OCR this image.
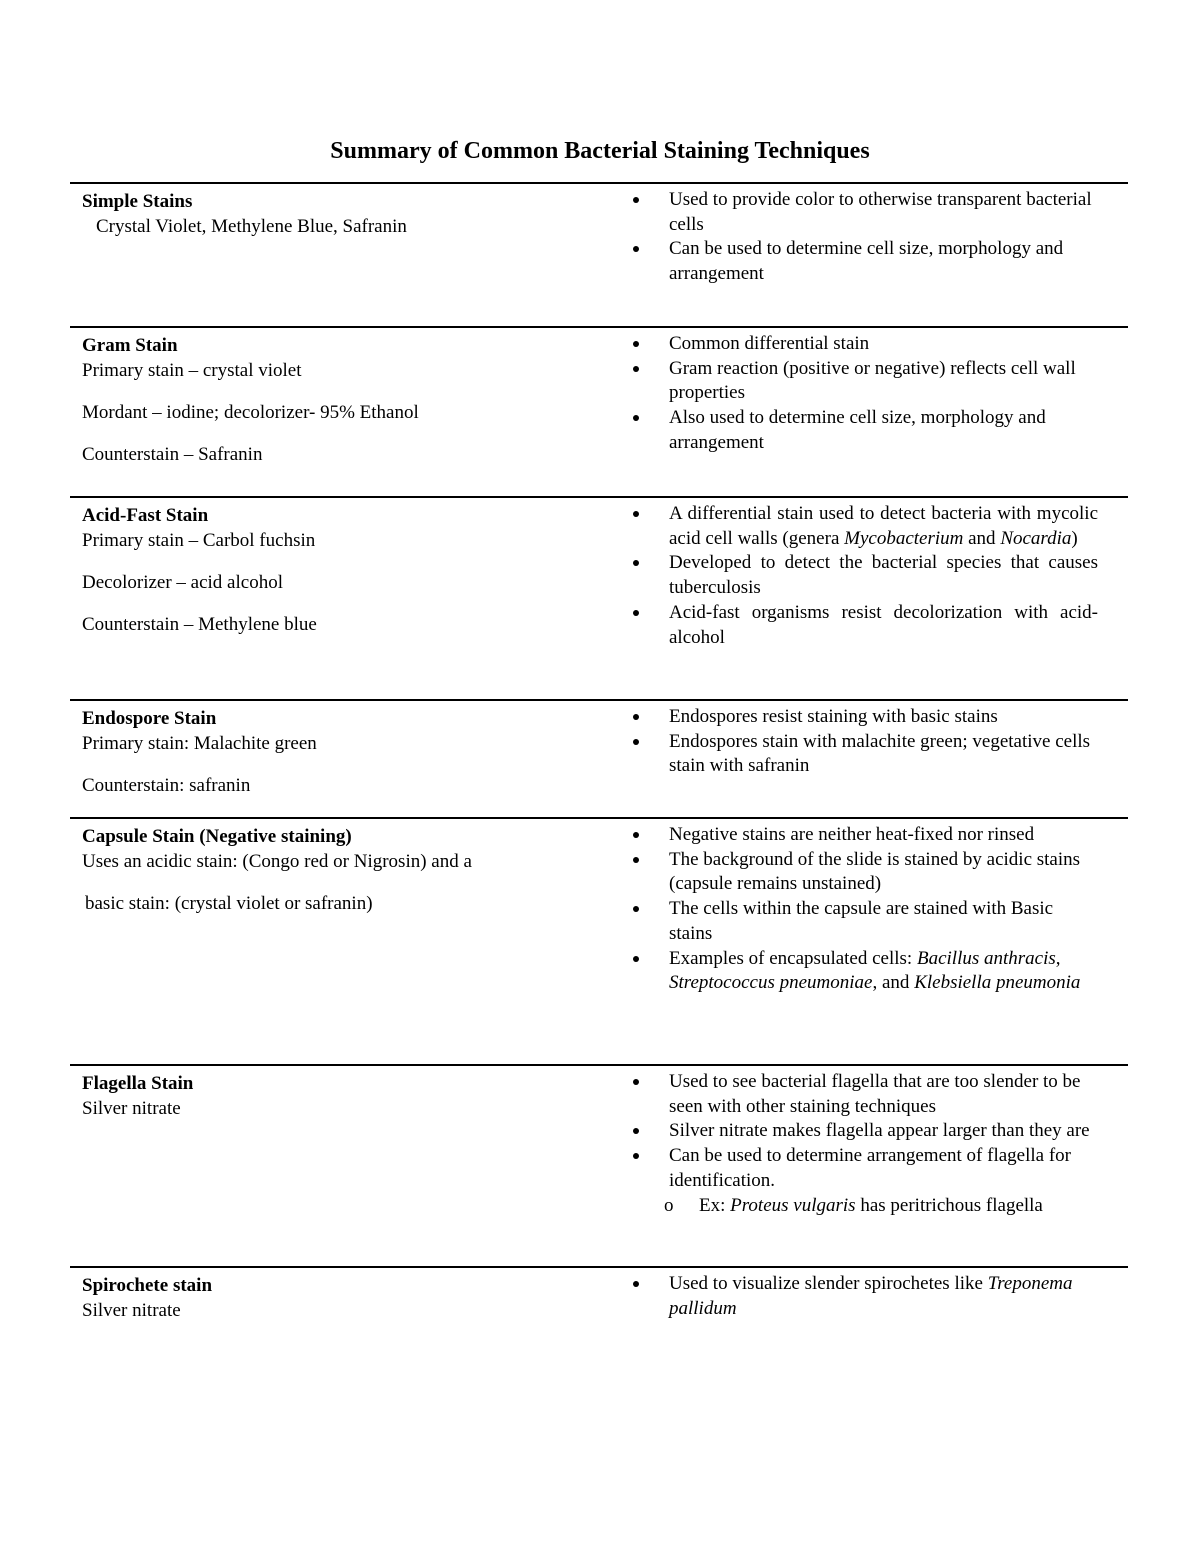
Summary of Common Bacterial Staining Techniques
Simple Stains
Crystal Violet, Methylene Blue, Safranin
Used to provide color to otherwise transparent bacterial cells
Can be used to determine cell size, morphology and arrangement
Gram Stain
Primary stain – crystal violet
Mordant – iodine; decolorizer- 95% Ethanol
Counterstain – Safranin
Common differential stain
Gram reaction (positive or negative) reflects cell wall properties
Also used to determine cell size, morphology and arrangement
Acid-Fast Stain
Primary stain – Carbol fuchsin
Decolorizer – acid alcohol
Counterstain – Methylene blue
A differential stain used to detect bacteria with mycolic acid cell walls (genera Mycobacterium and Nocardia)
Developed to detect the bacterial species that causes tuberculosis
Acid-fast organisms resist decolorization with acid-alcohol
Endospore Stain
Primary stain: Malachite green
Counterstain: safranin
Endospores resist staining with basic stains
Endospores stain with malachite green; vegetative cells stain with safranin
Capsule Stain (Negative staining)
Uses an acidic stain: (Congo red or Nigrosin) and a
basic stain: (crystal violet or safranin)
Negative stains are neither heat-fixed nor rinsed
The background of the slide is stained by acidic stains (capsule remains unstained)
The cells within the capsule are stained with Basic stains
Examples of encapsulated cells: Bacillus anthracis, Streptococcus pneumoniae, and Klebsiella pneumonia
Flagella Stain
Silver nitrate
Used to see bacterial flagella that are too slender to be seen with other staining techniques
Silver nitrate makes flagella appear larger than they are
Can be used to determine arrangement of flagella for identification.
o Ex: Proteus vulgaris has peritrichous flagella
Spirochete stain
Silver nitrate
Used to visualize slender spirochetes like Treponema pallidum
